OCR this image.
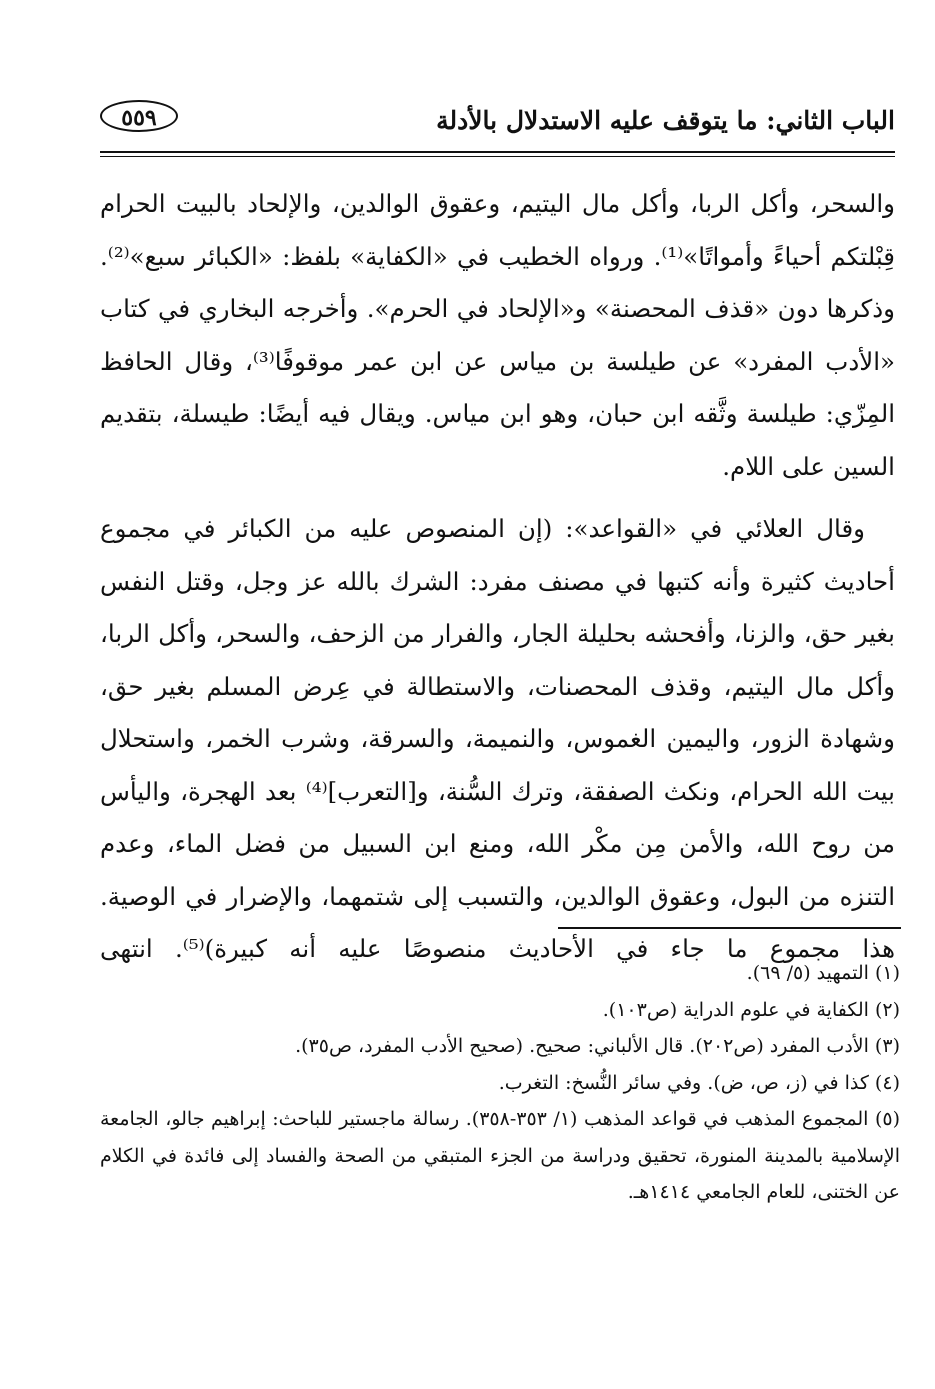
الباب الثاني: ما يتوقف عليه الاستدلال بالأدلة
٥٥٩

والسحر، وأكل الربا، وأكل مال اليتيم، وعقوق الوالدين، والإلحاد بالبيت الحرام قِبْلتكم أحياءً وأمواتًا»⁽¹⁾. ورواه الخطيب في «الكفاية» بلفظ: «الكبائر سبع»⁽²⁾. وذكرها دون «قذف المحصنة» و«الإلحاد في الحرم». وأخرجه البخاري في كتاب «الأدب المفرد» عن طيلسة بن مياس عن ابن عمر موقوفًا⁽³⁾، وقال الحافظ المِزّي: طيلسة وثَّقه ابن حبان، وهو ابن مياس. ويقال فيه أيضًا: طيسلة، بتقديم السين على اللام.

وقال العلائي في «القواعد»: (إن المنصوص عليه من الكبائر في مجموع أحاديث كثيرة وأنه كتبها في مصنف مفرد: الشرك بالله عز وجل، وقتل النفس بغير حق، والزنا، وأفحشه بحليلة الجار، والفرار من الزحف، والسحر، وأكل الربا، وأكل مال اليتيم، وقذف المحصنات، والاستطالة في عِرض المسلم بغير حق، وشهادة الزور، واليمين الغموس، والنميمة، والسرقة، وشرب الخمر، واستحلال بيت الله الحرام، ونكث الصفقة، وترك السُّنة، و[التعرب]⁽⁴⁾ بعد الهجرة، واليأس من روح الله، والأمن مِن مكْر الله، ومنع ابن السبيل من فضل الماء، وعدم التنزه من البول، وعقوق الوالدين، والتسبب إلى شتمهما، والإضرار في الوصية. هذا مجموع ما جاء في الأحاديث منصوصًا عليه أنه كبيرة)⁽⁵⁾. انتهى

(١) التمهيد (٥/ ٦٩).

(٢) الكفاية في علوم الدراية (ص١٠٣).

(٣) الأدب المفرد (ص٢٠٢). قال الألباني: صحيح. (صحيح الأدب المفرد، ص٣٥).

(٤) كذا في (ز، ص، ض). وفي سائر النُّسخ: التغرب.

(٥) المجموع المذهب في قواعد المذهب (١/ ٣٥٣-٣٥٨). رسالة ماجستير للباحث: إبراهيم جالو، الجامعة الإسلامية بالمدينة المنورة، تحقيق ودراسة من الجزء المتبقي من الصحة والفساد إلى فائدة في الكلام عن الختنى، للعام الجامعي ١٤١٤هـ.
